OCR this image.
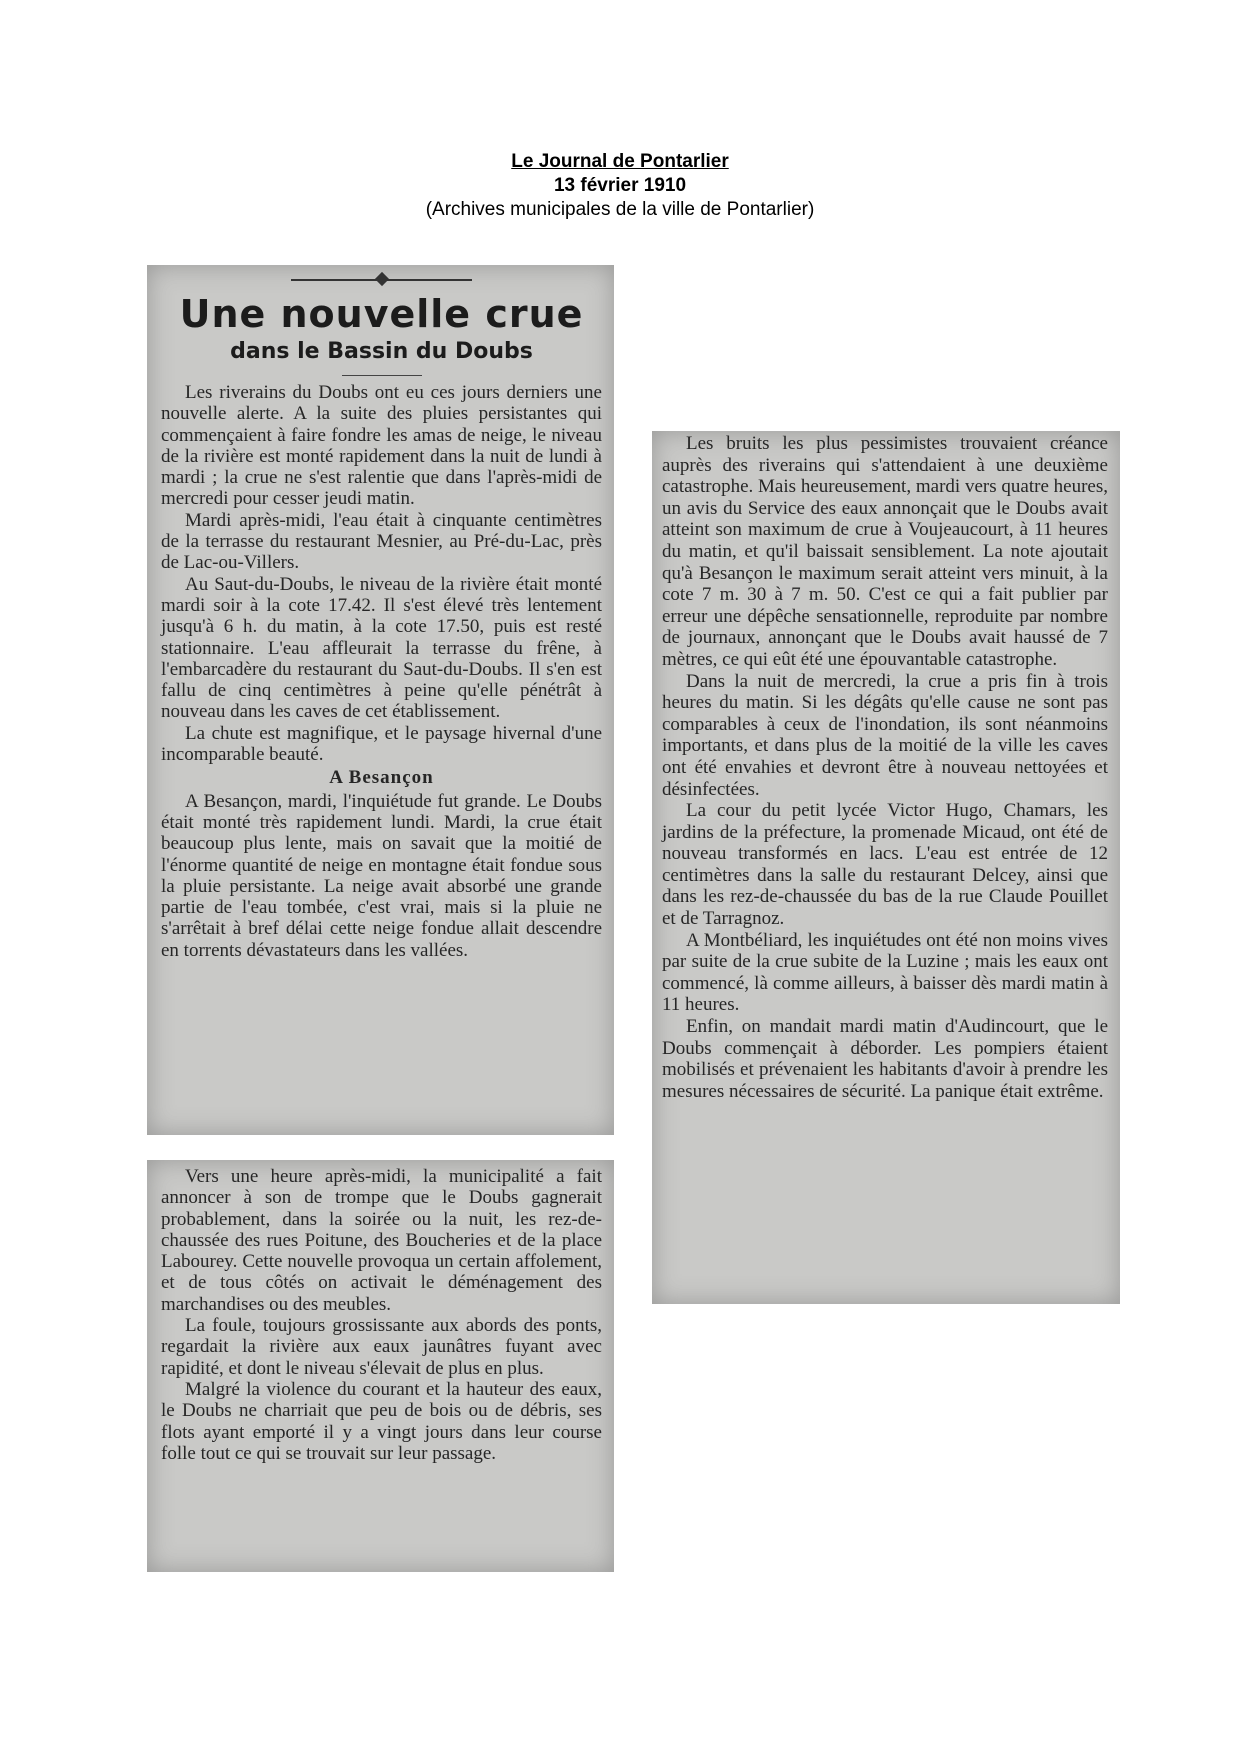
Le Journal de Pontarlier
13 février 1910
(Archives municipales de la ville de Pontarlier)
Une nouvelle crue
dans le Bassin du Doubs

Les riverains du Doubs ont eu ces jours derniers une nouvelle alerte. A la suite des pluies persistantes qui commençaient à faire fondre les amas de neige, le niveau de la rivière est monté rapidement dans la nuit de lundi à mardi ; la crue ne s'est ralentie que dans l'après-midi de mercredi pour cesser jeudi matin.

Mardi après-midi, l'eau était à cinquante centimètres de la terrasse du restaurant Mesnier, au Pré-du-Lac, près de Lac-ou-Villers.

Au Saut-du-Doubs, le niveau de la rivière était monté mardi soir à la cote 17.42. Il s'est élevé très lentement jusqu'à 6 h. du matin, à la cote 17.50, puis est resté stationnaire. L'eau affleurait la terrasse du frêne, à l'embarcadère du restaurant du Saut-du-Doubs. Il s'en est fallu de cinq centimètres à peine qu'elle pénétrât à nouveau dans les caves de cet établissement.

La chute est magnifique, et le paysage hivernal d'une incomparable beauté.

A Besançon

A Besançon, mardi, l'inquiétude fut grande. Le Doubs était monté très rapidement lundi. Mardi, la crue était beaucoup plus lente, mais on savait que la moitié de l'énorme quantité de neige en montagne était fondue sous la pluie persistante. La neige avait absorbé une grande partie de l'eau tombée, c'est vrai, mais si la pluie ne s'arrêtait à bref délai cette neige fondue allait descendre en torrents dévastateurs dans les vallées.

Vers une heure après-midi, la municipalité a fait annoncer à son de trompe que le Doubs gagnerait probablement, dans la soirée ou la nuit, les rez-de-chaussée des rues Poitune, des Boucheries et de la place Labourey. Cette nouvelle provoqua un certain affolement, et de tous côtés on activait le déménagement des marchandises ou des meubles.

La foule, toujours grossissante aux abords des ponts, regardait la rivière aux eaux jaunâtres fuyant avec rapidité, et dont le niveau s'élevait de plus en plus.

Malgré la violence du courant et la hauteur des eaux, le Doubs ne charriait que peu de bois ou de débris, ses flots ayant emporté il y a vingt jours dans leur course folle tout ce qui se trouvait sur leur passage.

Les bruits les plus pessimistes trouvaient créance auprès des riverains qui s'attendaient à une deuxième catastrophe. Mais heureusement, mardi vers quatre heures, un avis du Service des eaux annonçait que le Doubs avait atteint son maximum de crue à Voujeaucourt, à 11 heures du matin, et qu'il baissait sensiblement. La note ajoutait qu'à Besançon le maximum serait atteint vers minuit, à la cote 7 m. 30 à 7 m. 50. C'est ce qui a fait publier par erreur une dépêche sensationnelle, reproduite par nombre de journaux, annonçant que le Doubs avait haussé de 7 mètres, ce qui eût été une épouvantable catastrophe.

Dans la nuit de mercredi, la crue a pris fin à trois heures du matin. Si les dégâts qu'elle cause ne sont pas comparables à ceux de l'inondation, ils sont néanmoins importants, et dans plus de la moitié de la ville les caves ont été envahies et devront être à nouveau nettoyées et désinfectées.

La cour du petit lycée Victor Hugo, Chamars, les jardins de la préfecture, la promenade Micaud, ont été de nouveau transformés en lacs. L'eau est entrée de 12 centimètres dans la salle du restaurant Delcey, ainsi que dans les rez-de-chaussée du bas de la rue Claude Pouillet et de Tarragnoz.

A Montbéliard, les inquiétudes ont été non moins vives par suite de la crue subite de la Luzine ; mais les eaux ont commencé, là comme ailleurs, à baisser dès mardi matin à 11 heures.

Enfin, on mandait mardi matin d'Audincourt, que le Doubs commençait à déborder. Les pompiers étaient mobilisés et prévenaient les habitants d'avoir à prendre les mesures nécessaires de sécurité. La panique était extrême.
